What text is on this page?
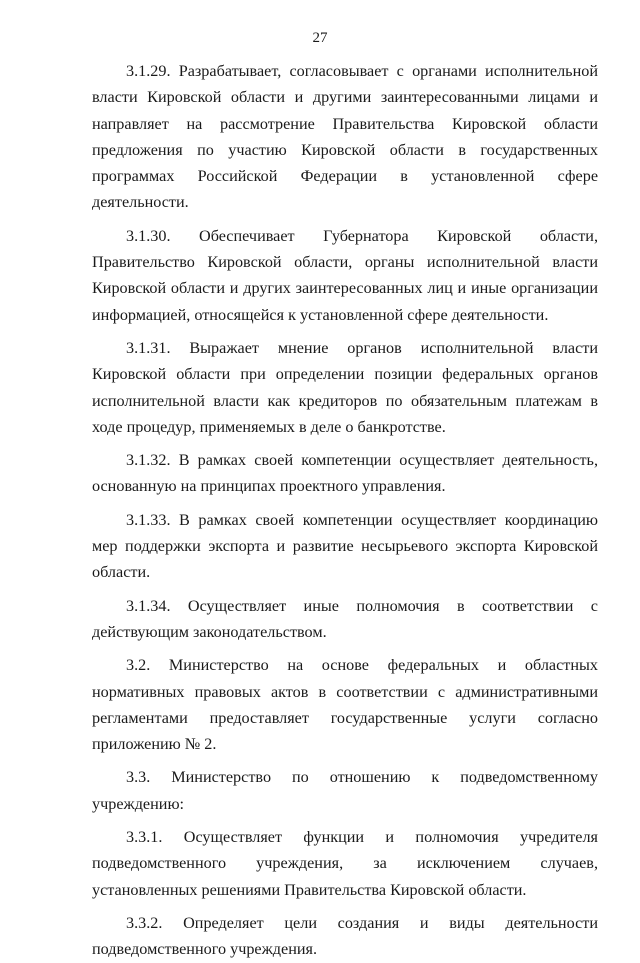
27

3.1.29. Разрабатывает, согласовывает с органами исполнительной власти Кировской области и другими заинтересованными лицами и направляет на рассмотрение Правительства Кировской области предложения по участию Кировской области в государственных программах Российской Федерации в установленной сфере деятельности.

3.1.30. Обеспечивает Губернатора Кировской области, Правительство Кировской области, органы исполнительной власти Кировской области и других заинтересованных лиц и иные организации информацией, относящейся к установленной сфере деятельности.

3.1.31. Выражает мнение органов исполнительной власти Кировской области при определении позиции федеральных органов исполнительной власти как кредиторов по обязательным платежам в ходе процедур, применяемых в деле о банкротстве.

3.1.32. В рамках своей компетенции осуществляет деятельность, основанную на принципах проектного управления.

3.1.33. В рамках своей компетенции осуществляет координацию мер поддержки экспорта и развитие несырьевого экспорта Кировской области.

3.1.34. Осуществляет иные полномочия в соответствии с действующим законодательством.

3.2. Министерство на основе федеральных и областных нормативных правовых актов в соответствии с административными регламентами предоставляет государственные услуги согласно приложению № 2.

3.3. Министерство по отношению к подведомственному учреждению:

3.3.1. Осуществляет функции и полномочия учредителя подведомственного учреждения, за исключением случаев, установленных решениями Правительства Кировской области.

3.3.2. Определяет цели создания и виды деятельности подведомственного учреждения.
